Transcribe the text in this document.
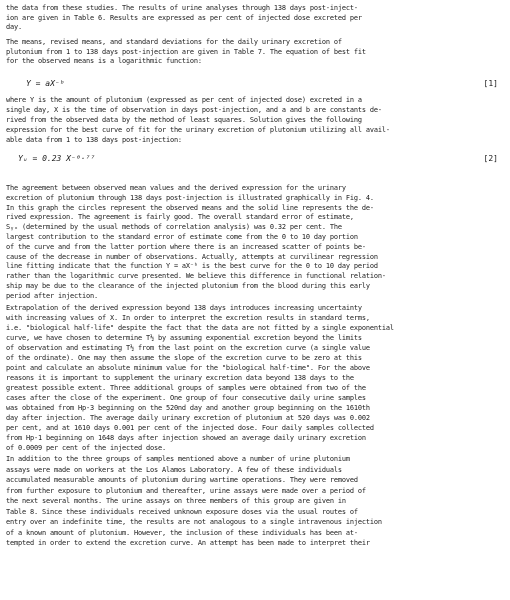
the data from these studies. The results of urine analyses through 138 days post-inject-
ion are given in Table 6. Results are expressed as per cent of injected dose excreted per
day.
The means, revised means, and standard deviations for the daily urinary excretion of
plutonium from 1 to 138 days post-injection are given in Table 7. The equation of best fit
for the observed means is a logarithmic function:
Y = aX⁻ᵇ	[1]
where Y is the amount of plutonium (expressed as per cent of injected dose) excreted in a
single day, X is the time of observation in days post-injection, and a and b are constants de-
rived from the observed data by the method of least squares. Solution gives the following
expression for the best curve of fit for the urinary excretion of plutonium utilizing all avail-
able data from 1 to 138 days post-injection:
Yᵤ = 0.23 X⁻⁰·⁷⁷	[2]
The agreement between observed mean values and the derived expression for the urinary
excretion of plutonium through 138 days post-injection is illustrated graphically in Fig. 4.
In this graph the circles represent the observed means and the solid line represents the de-
rived expression. The agreement is fairly good. The overall standard error of estimate,
Sᵧₓ (determined by the usual methods of correlation analysis) was 0.32 per cent. The
largest contribution to the standard error of estimate come from the 0 to 10 day portion
of the curve and from the latter portion where there is an increased scatter of points be-
cause of the decrease in number of observations. Actually, attempts at curvilinear regression
line fitting indicate that the function Y = aX⁻ᵇ is the best curve for the 0 to 10 day period
rather than the logarithmic curve presented. We believe this difference in functional relation-
ship may be due to the clearance of the injected plutonium from the blood during this early
period after injection.
Extrapolation of the derived expression beyond 138 days introduces increasing uncertainty
with increasing values of X. In order to interpret the excretion results in standard terms,
i.e. "biological half-life" despite the fact that the data are not fitted by a single exponential
curve, we have chosen to determine T½ by assuming exponential excretion beyond the limits
of observation and estimating T½ from the last point on the excretion curve (a single value
of the ordinate). One may then assume the slope of the excretion curve to be zero at this
point and calculate an absolute minimum value for the "biological half-time". For the above
reasons it is important to supplement the urinary excretion data beyond 138 days to the
greatest possible extent. Three additional groups of samples were obtained from two of the
cases after the close of the experiment. One group of four consecutive daily urine samples
was obtained from Hp-3 beginning on the 520nd day and another group beginning on the 1610th
day after injection. The average daily urinary excretion of plutonium at 520 days was 0.002
per cent, and at 1610 days 0.001 per cent of the injected dose. Four daily samples collected
from Hp-1 beginning on 1648 days after injection showed an average daily urinary excretion
of 0.0009 per cent of the injected dose.
In addition to the three groups of samples mentioned above a number of urine plutonium
assays were made on workers at the Los Alamos Laboratory. A few of these individuals
accumulated measurable amounts of plutonium during wartime operations. They were removed
from further exposure to plutonium and thereafter, urine assays were made over a period of
the next several months. The urine assays on three members of this group are given in
Table 8. Since these individuals received unknown exposure doses via the usual routes of
entry over an indefinite time, the results are not analogous to a single intravenous injection
of a known amount of plutonium. However, the inclusion of these individuals has been at-
tempted in order to extend the excretion curve. An attempt has been made to interpret their
